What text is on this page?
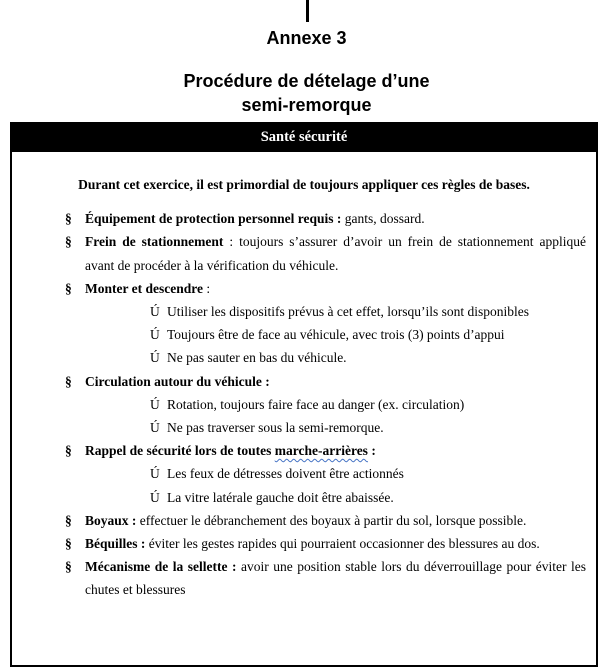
Annexe 3
Procédure de dételage d’une
semi-remorque
Santé sécurité
Durant cet exercice, il est primordial de toujours appliquer ces règles de bases.
§ Équipement de protection personnel requis : gants, dossard.
§ Frein de stationnement : toujours s’assurer d’avoir un frein de stationnement appliqué avant de procéder à la vérification du véhicule.
§ Monter et descendre :
Ú Utiliser les dispositifs prévus à cet effet, lorsqu’ils sont disponibles
Ú Toujours être de face au véhicule, avec trois (3) points d’appui
Ú Ne pas sauter en bas du véhicule.
§ Circulation autour du véhicule :
Ú Rotation, toujours faire face au danger (ex. circulation)
Ú Ne pas traverser sous la semi-remorque.
§ Rappel de sécurité lors de toutes marche-arrières :
Ú Les feux de détresses doivent être actionnés
Ú La vitre latérale gauche doit être abaissée.
§ Boyaux : effectuer le débranchement des boyaux à partir du sol, lorsque possible.
§ Béquilles : éviter les gestes rapides qui pourraient occasionner des blessures au dos.
§ Mécanisme de la sellette : avoir une position stable lors du déverrouillage pour éviter les chutes et blessures
